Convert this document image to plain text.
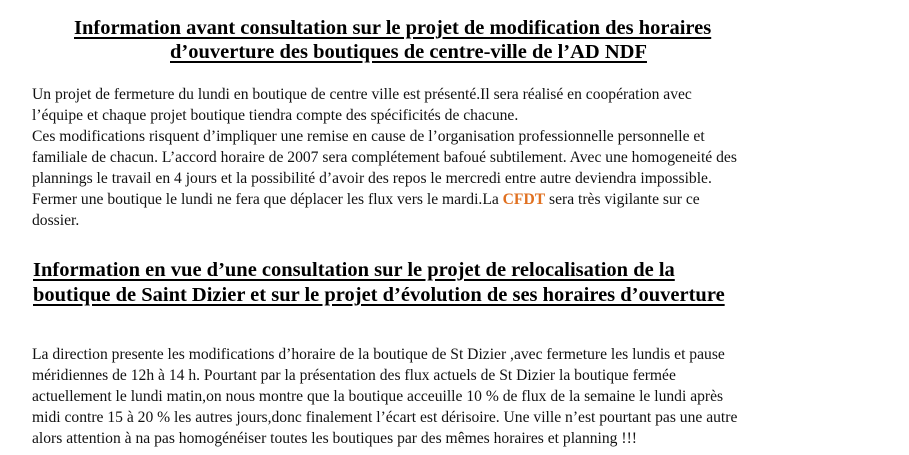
Information avant consultation sur le projet de modification des horaires
d’ouverture des boutiques de centre-ville de l’AD NDF
Un projet de fermeture du lundi en boutique de centre ville est présenté.Il sera réalisé en coopération avec
l’équipe et chaque projet boutique tiendra compte des spécificités de chacune.
Ces modifications risquent d’impliquer une remise en cause de l’organisation professionnelle personnelle et
familiale de chacun. L’accord horaire de 2007 sera complétement bafoué subtilement. Avec une homogeneité des
plannings le travail en 4 jours et la possibilité d’avoir des repos le mercredi entre autre deviendra impossible.
Fermer une boutique le lundi ne fera que déplacer les flux vers le mardi.La CFDT sera très vigilante sur ce
dossier.
Information en vue d’une consultation sur le projet de relocalisation de la
boutique de Saint Dizier et sur le projet d’évolution de ses horaires d’ouverture
La direction presente les modifications d’horaire de la boutique de St Dizier ,avec fermeture les lundis et pause
méridiennes de 12h à 14 h. Pourtant par la présentation des flux actuels de St Dizier la boutique fermée
actuellement le lundi matin,on nous montre que la boutique acceuille 10 % de flux de la semaine le lundi après
midi contre 15 à 20 % les autres jours,donc finalement l’écart est dérisoire. Une ville n’est pourtant pas une autre
alors attention à na pas homogénéiser toutes les boutiques par des mêmes horaires et planning !!!
